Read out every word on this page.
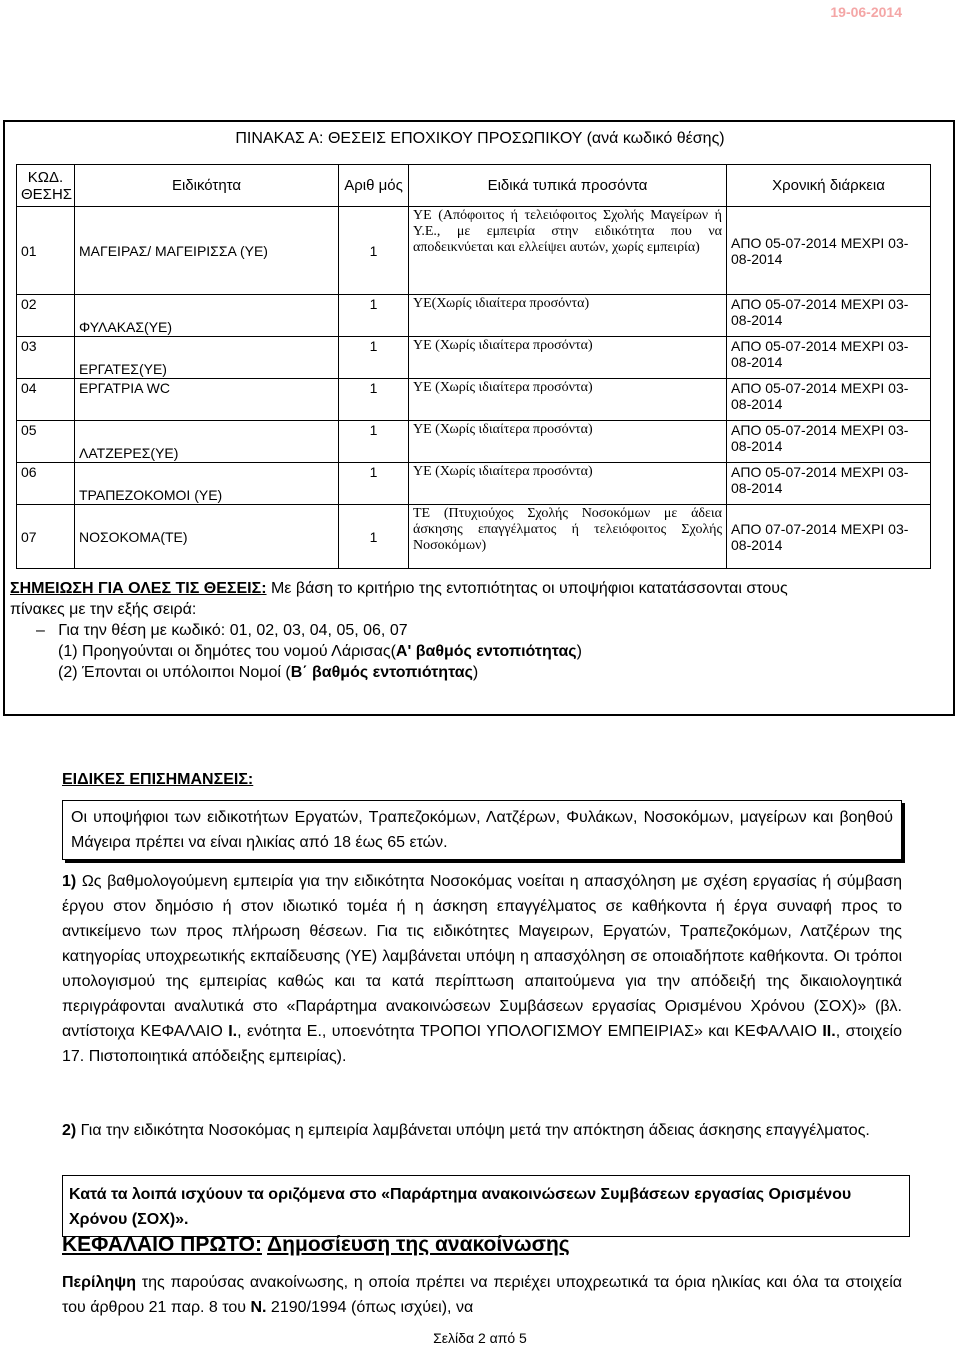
19-06-2014
ΠΙΝΑΚΑΣ Α: ΘΕΣΕΙΣ ΕΠΟΧΙΚΟΥ ΠΡΟΣΩΠΙΚΟΥ (ανά κωδικό θέσης)
ΚΩΔ. ΘΕΣΗΣ	Ειδικότητα	Αριθ μός	Ειδικά τυπικά προσόντα	Χρονική διάρκεια
01	ΜΑΓΕΙΡΑΣ/ ΜΑΓΕΙΡΙΣΣΑ (ΥΕ)	1	ΥΕ (Απόφοιτος ή τελειόφοιτος Σχολής Μαγείρων ή Υ.Ε., με εμπειρία στην ειδικότητα που να αποδεικνύεται και ελλείψει αυτών, χωρίς εμπειρία)	ΑΠΟ 05-07-2014 ΜΕΧΡΙ 03-08-2014
02	ΦΥΛΑΚΑΣ(ΥΕ)	1	ΥΕ(Χωρίς ιδιαίτερα προσόντα)	ΑΠΟ 05-07-2014 ΜΕΧΡΙ 03-08-2014
03	ΕΡΓΑΤΕΣ(ΥΕ)	1	ΥΕ (Χωρίς ιδιαίτερα προσόντα)	ΑΠΟ 05-07-2014 ΜΕΧΡΙ 03-08-2014
04	ΕΡΓΑΤΡΙΑ WC	1	ΥΕ (Χωρίς ιδιαίτερα προσόντα)	ΑΠΟ 05-07-2014 ΜΕΧΡΙ 03-08-2014
05	ΛΑΤΖΕΡΕΣ(ΥΕ)	1	ΥΕ (Χωρίς ιδιαίτερα προσόντα)	ΑΠΟ 05-07-2014 ΜΕΧΡΙ 03-08-2014
06	ΤΡΑΠΕΖΟΚΟΜΟΙ (ΥΕ)	1	ΥΕ (Χωρίς ιδιαίτερα προσόντα)	ΑΠΟ 05-07-2014 ΜΕΧΡΙ 03-08-2014
07	ΝΟΣΟΚΟΜΑ(ΤΕ)	1	ΤΕ (Πτυχιούχος Σχολής Νοσοκόμων με άδεια άσκησης επαγγέλματος ή τελειόφοιτος Σχολής Νοσοκόμων)	ΑΠΟ 07-07-2014 ΜΕΧΡΙ 03-08-2014
ΣΗΜΕΙΩΣΗ ΓΙΑ ΟΛΕΣ ΤΙΣ ΘΕΣΕΙΣ: Με βάση το κριτήριο της εντοπιότητας οι υποψήφιοι κατατάσσονται στους
πίνακες με την εξής σειρά:
– Για την θέση με κωδικό: 01, 02, 03, 04, 05, 06, 07
(1) Προηγούνται οι δημότες του νομού Λάρισας(Α' βαθμός εντοπιότητας)
(2) Έπονται οι υπόλοιποι Νομοί (Β΄ βαθμός εντοπιότητας)
ΕΙΔΙΚΕΣ ΕΠΙΣΗΜΑΝΣΕΙΣ:
Οι υποψήφιοι των ειδικοτήτων Εργατών, Τραπεζοκόμων, Λατζέρων, Φυλάκων, Νοσοκόμων, μαγείρων και βοηθού Μάγειρα πρέπει να είναι ηλικίας από 18 έως 65 ετών.
1) Ως βαθμολογούμενη εμπειρία για την ειδικότητα Νοσοκόμας νοείται η απασχόληση με σχέση εργασίας ή σύμβαση έργου στον δημόσιο ή στον ιδιωτικό τομέα ή η άσκηση επαγγέλματος σε καθήκοντα ή έργα συναφή προς το αντικείμενο των προς πλήρωση θέσεων. Για τις ειδικότητες Μαγειρων, Εργατών, Τραπεζοκόμων, Λατζέρων της κατηγορίας υποχρεωτικής εκπαίδευσης (ΥΕ) λαμβάνεται υπόψη η απασχόληση σε οποιαδήποτε καθήκοντα. Οι τρόποι υπολογισμού της εμπειρίας καθώς και τα κατά περίπτωση απαιτούμενα για την απόδειξή της δικαιολογητικά περιγράφονται αναλυτικά στο «Παράρτημα ανακοινώσεων Συμβάσεων εργασίας Ορισμένου Χρόνου (ΣΟΧ)» (βλ. αντίστοιχα ΚΕΦΑΛΑΙΟ Ι., ενότητα Ε., υποενότητα ΤΡΟΠΟΙ ΥΠΟΛΟΓΙΣΜΟΥ ΕΜΠΕΙΡΙΑΣ» και ΚΕΦΑΛΑΙΟ ΙΙ., στοιχείο 17. Πιστοποιητικά απόδειξης εμπειρίας).
2) Για την ειδικότητα Νοσοκόμας η εμπειρία λαμβάνεται υπόψη μετά την απόκτηση άδειας άσκησης επαγγέλματος.
Κατά τα λοιπά ισχύουν τα οριζόμενα στο «Παράρτημα ανακοινώσεων Συμβάσεων εργασίας Ορισμένου Χρόνου (ΣΟΧ)».
ΚΕΦΑΛΑΙΟ ΠΡΩΤΟ: Δημοσίευση της ανακοίνωσης
Περίληψη της παρούσας ανακοίνωσης, η οποία πρέπει να περιέχει υποχρεωτικά τα όρια ηλικίας και όλα τα στοιχεία του άρθρου 21 παρ. 8 του Ν. 2190/1994 (όπως ισχύει), να
Σελίδα 2 από 5
